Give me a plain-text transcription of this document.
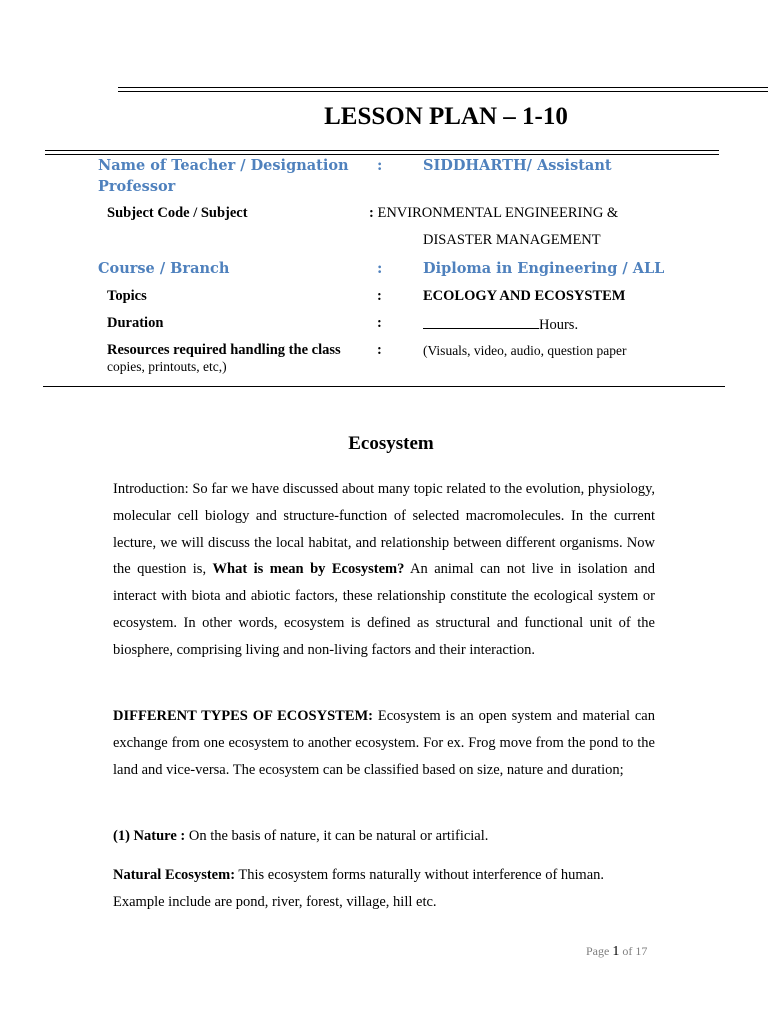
LESSON PLAN – 1-10
Name of Teacher / Designation
Professor
:	SIDDHARTH/ Assistant
Subject Code / Subject	: ENVIRONMENTAL ENGINEERING &
DISASTER MANAGEMENT
Course / Branch	:	Diploma in Engineering / ALL
Topics	:	ECOLOGY AND ECOSYSTEM
Duration	:	Hours.
Resources required handling the class	:	(Visuals, video, audio, question paper
copies, printouts, etc,)
Ecosystem
Introduction: So far we have discussed about many topic related to the evolution, physiology, molecular cell biology and structure-function of selected macromolecules. In the current lecture, we will discuss the local habitat, and relationship between different organisms. Now the question is, What is mean by Ecosystem? An animal can not live in isolation and interact with biota and abiotic factors, these relationship constitute the ecological system or ecosystem. In other words, ecosystem is defined as structural and functional unit of the biosphere, comprising living and non-living factors and their interaction.
DIFFERENT TYPES OF ECOSYSTEM: Ecosystem is an open system and material can exchange from one ecosystem to another ecosystem. For ex. Frog move from the pond to the land and vice-versa. The ecosystem can be classified based on size, nature and duration;
(1) Nature : On the basis of nature, it can be natural or artificial.
Natural Ecosystem: This ecosystem forms naturally without interference of human. Example include are pond, river, forest, village, hill etc.
Page 1 of 17
